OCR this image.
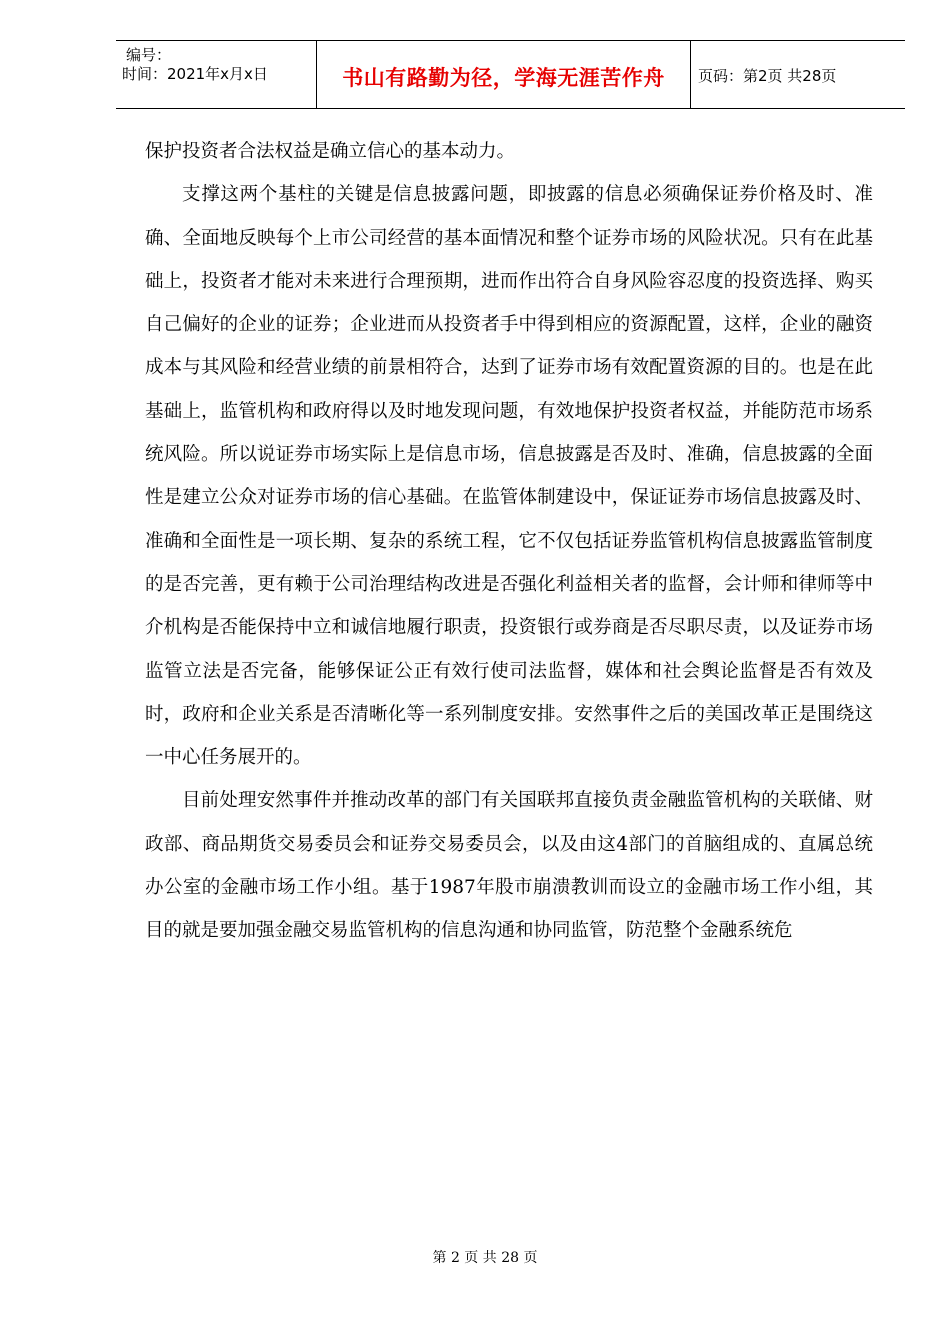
编号：
时间：2021年x月x日	书山有路勤为径，学海无涯苦作舟	页码：第2页 共28页

保护投资者合法权益是确立信心的基本动力。

支撑这两个基柱的关键是信息披露问题，即披露的信息必须确保证券价格及时、准确、全面地反映每个上市公司经营的基本面情况和整个证券市场的风险状况。只有在此基础上，投资者才能对未来进行合理预期，进而作出符合自身风险容忍度的投资选择、购买自己偏好的企业的证券；企业进而从投资者手中得到相应的资源配置，这样，企业的融资成本与其风险和经营业绩的前景相符合，达到了证券市场有效配置资源的目的。也是在此基础上，监管机构和政府得以及时地发现问题，有效地保护投资者权益，并能防范市场系统风险。所以说证券市场实际上是信息市场，信息披露是否及时、准确，信息披露的全面性是建立公众对证券市场的信心基础。在监管体制建设中，保证证券市场信息披露及时、准确和全面性是一项长期、复杂的系统工程，它不仅包括证券监管机构信息披露监管制度的是否完善，更有赖于公司治理结构改进是否强化利益相关者的监督，会计师和律师等中介机构是否能保持中立和诚信地履行职责，投资银行或券商是否尽职尽责，以及证券市场监管立法是否完备，能够保证公正有效行使司法监督，媒体和社会舆论监督是否有效及时，政府和企业关系是否清晰化等一系列制度安排。安然事件之后的美国改革正是围绕这一中心任务展开的。

目前处理安然事件并推动改革的部门有关国联邦直接负责金融监管机构的关联储、财政部、商品期货交易委员会和证券交易委员会，以及由这4部门的首脑组成的、直属总统办公室的金融市场工作小组。基于1987年股市崩溃教训而设立的金融市场工作小组，其目的就是要加强金融交易监管机构的信息沟通和协同监管，防范整个金融系统危

第 2 页 共 28 页
